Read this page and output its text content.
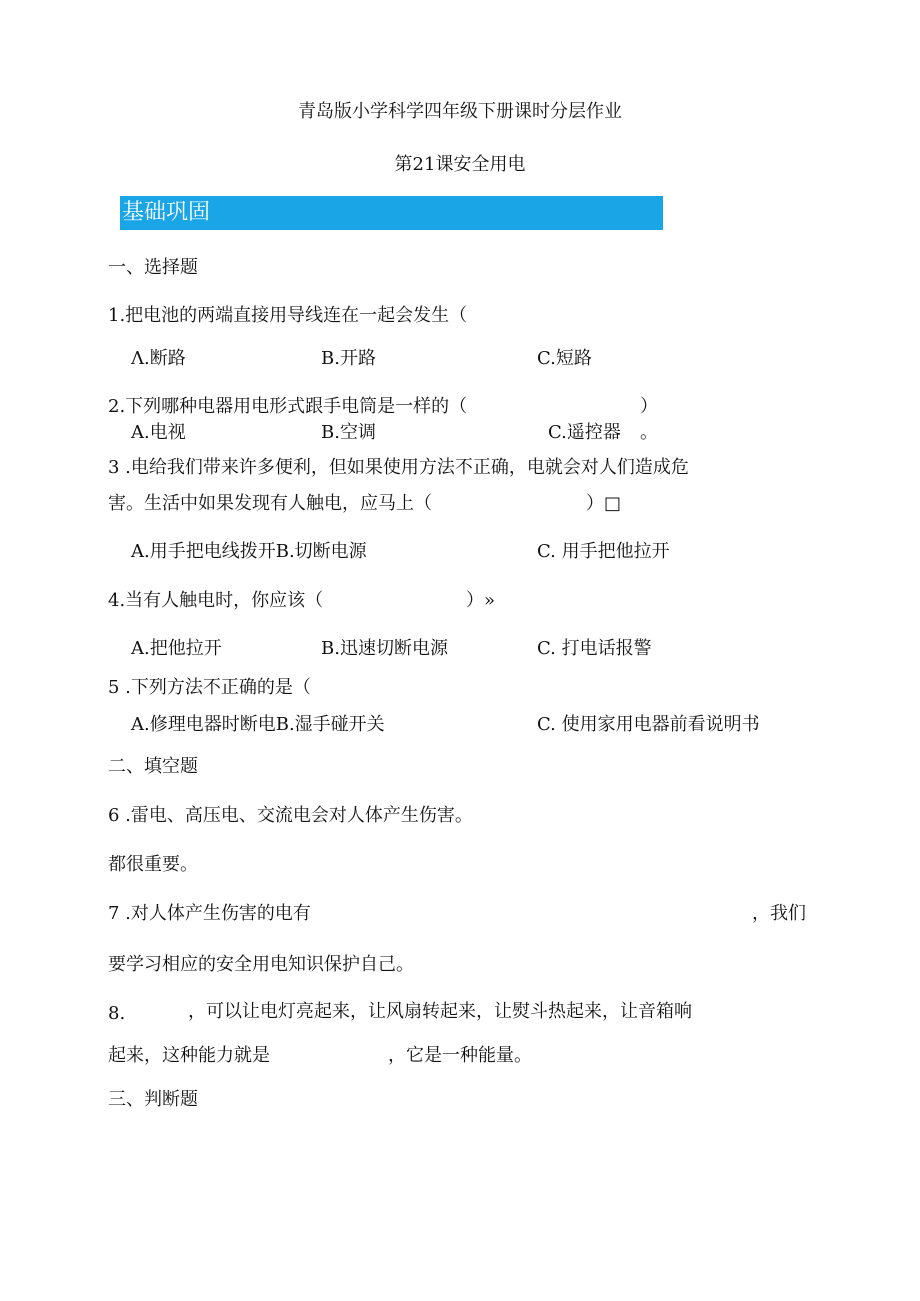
青岛版小学科学四年级下册课时分层作业
第21课安全用电
基础巩固
一、选择题
1.把电池的两端直接用导线连在一起会发生（
Λ.断路	B.开路	C.短路
2.下列哪种电器用电形式跟手电筒是一样的（	）
A.电视	B.空调	C.遥控器 。
3 .电给我们带来许多便利，但如果使用方法不正确，电就会对人们造成危
害。生活中如果发现有人触电，应马上（	）□
A.用手把电线拨开B.切断电源	C. 用手把他拉开
4.当有人触电时，你应该（	）»
A.把他拉开	B.迅速切断电源	C. 打电话报警
5 .下列方法不正确的是（
A.修理电器时断电B.湿手碰开关	C. 使用家用电器前看说明书
二、填空题
6 .雷电、高压电、交流电会对人体产生伤害。
都很重要。
7 .对人体产生伤害的电有	，我们
要学习相应的安全用电知识保护自己。
8.	，可以让电灯亮起来，让风扇转起来，让熨斗热起来，让音箱响
起来，这种能力就是	，它是一种能量。
三、判断题
